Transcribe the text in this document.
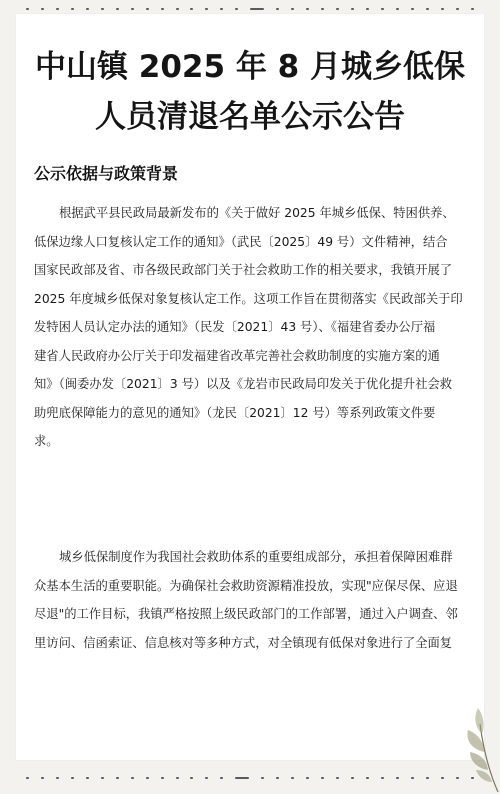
中山镇 2025 年 8 月城乡低保
人员清退名单公示公告
公示依据与政策背景
根据武平县民政局最新发布的《关于做好 2025 年城乡低保、特困供养、
低保边缘人口复核认定工作的通知》（武民〔2025〕49 号）文件精神，结合
国家民政部及省、市各级民政部门关于社会救助工作的相关要求，我镇开展了
2025 年度城乡低保对象复核认定工作。这项工作旨在贯彻落实《民政部关于印
发特困人员认定办法的通知》（民发〔2021〕43 号）、《福建省委办公厅福
建省人民政府办公厅关于印发福建省改革完善社会救助制度的实施方案的通
知》（闽委办发〔2021〕3 号）以及《龙岩市民政局印发关于优化提升社会救
助兜底保障能力的意见的通知》（龙民〔2021〕12 号）等系列政策文件要
求。
城乡低保制度作为我国社会救助体系的重要组成部分，承担着保障困难群
众基本生活的重要职能。为确保社会救助资源精准投放，实现"应保尽保、应退
尽退"的工作目标，我镇严格按照上级民政部门的工作部署，通过入户调查、邻
里访问、信函索证、信息核对等多种方式，对全镇现有低保对象进行了全面复
